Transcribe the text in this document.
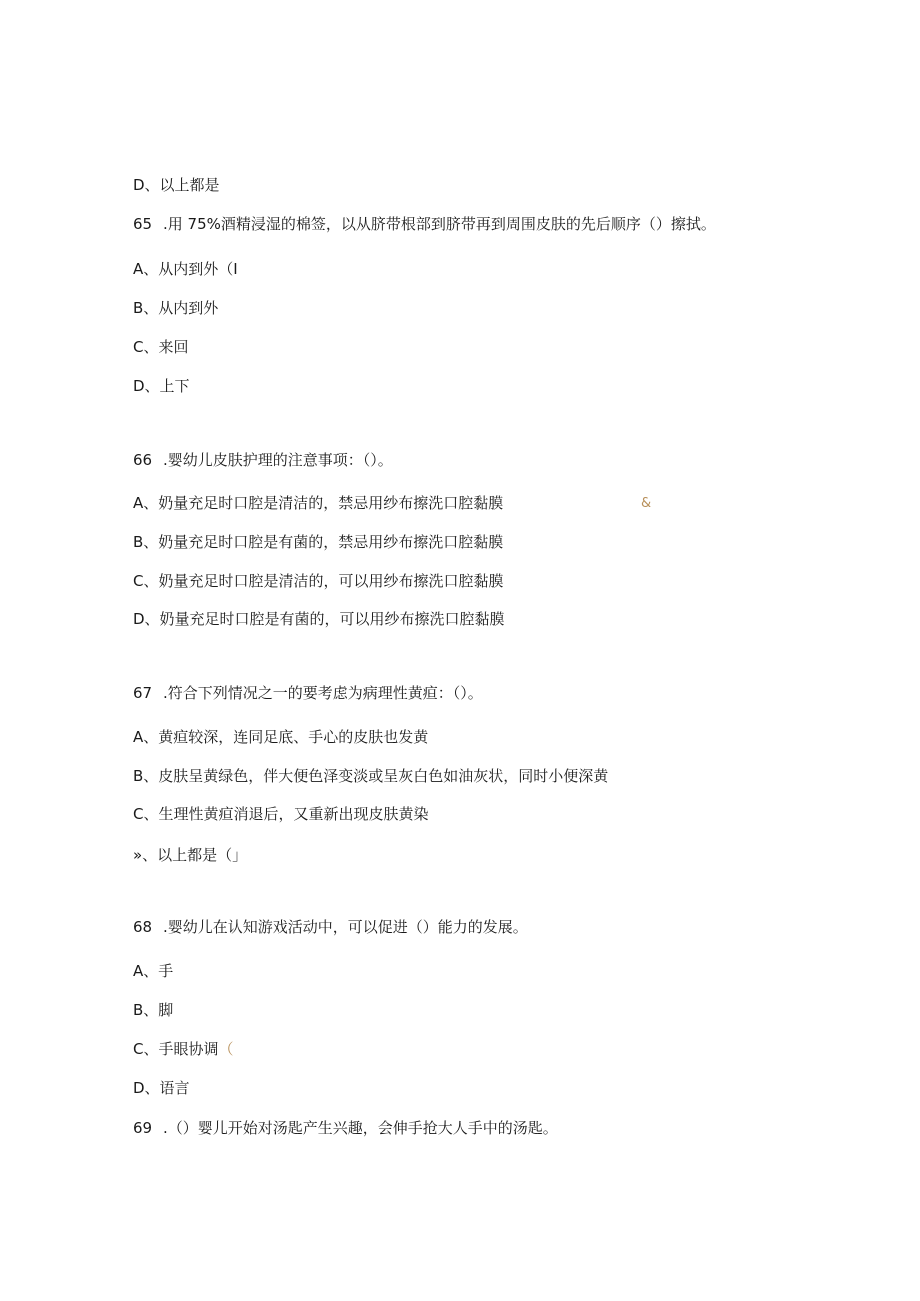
D、以上都是
65 .用 75%酒精浸湿的棉签，以从脐带根部到脐带再到周围皮肤的先后顺序（）擦拭。
A、从内到外（I
B、从内到外
C、来回
D、上下
66 .婴幼儿皮肤护理的注意事项：（）。
A、奶量充足时口腔是清洁的，禁忌用纱布擦洗口腔黏膜	&
B、奶量充足时口腔是有菌的，禁忌用纱布擦洗口腔黏膜
C、奶量充足时口腔是清洁的，可以用纱布擦洗口腔黏膜
D、奶量充足时口腔是有菌的，可以用纱布擦洗口腔黏膜
67 .符合下列情况之一的要考虑为病理性黄疸：（）。
A、黄疸较深，连同足底、手心的皮肤也发黄
B、皮肤呈黄绿色，伴大便色泽变淡或呈灰白色如油灰状，同时小便深黄
C、生理性黄疸消退后，又重新出现皮肤黄染
»、以上都是（」
68 .婴幼儿在认知游戏活动中，可以促进（）能力的发展。
A、手
B、脚
C、手眼协调（
D、语言
69 .（）婴儿开始对汤匙产生兴趣，会伸手抢大人手中的汤匙。
